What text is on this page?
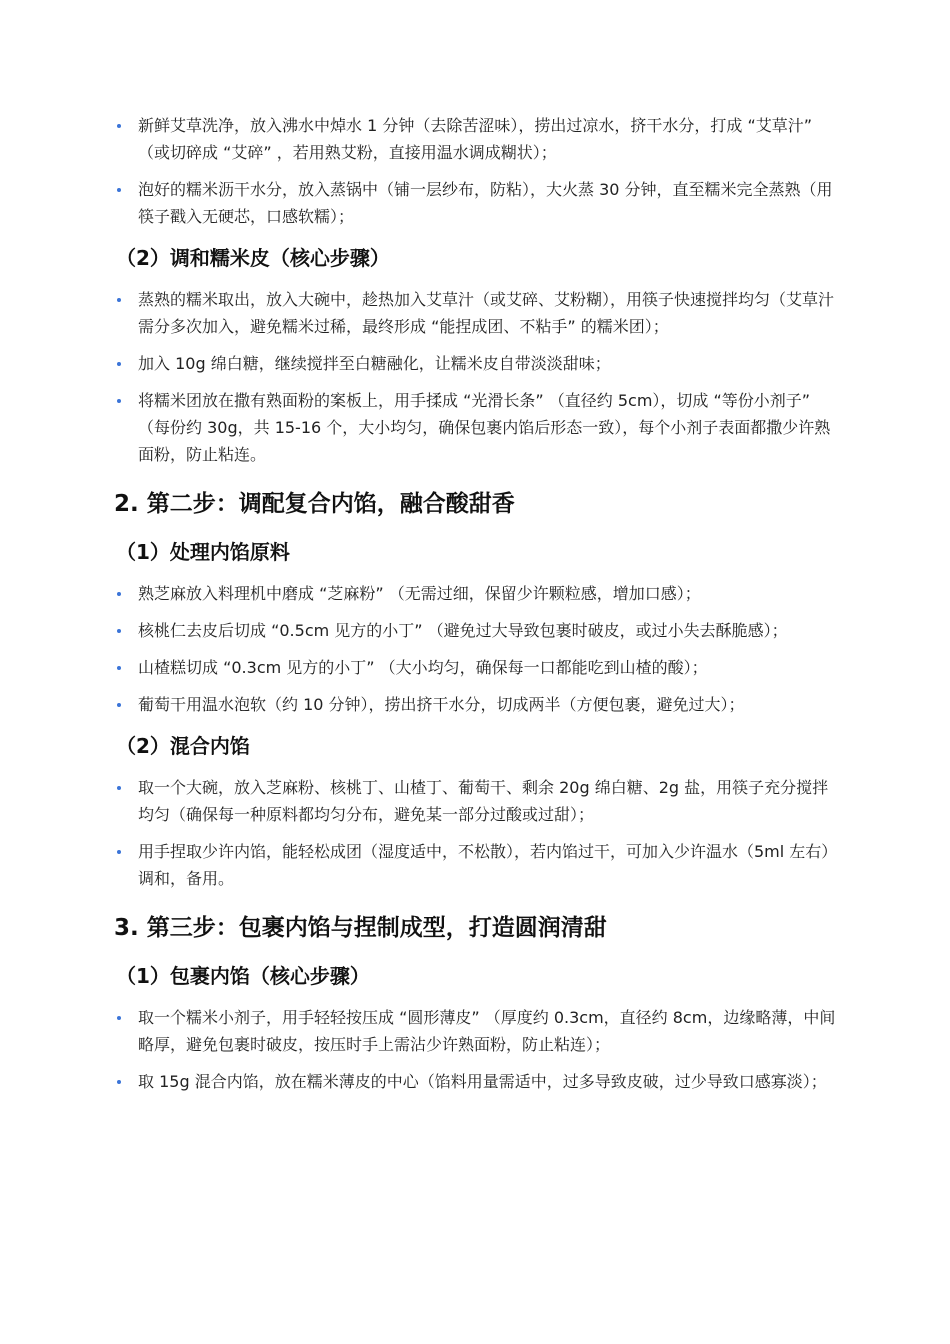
新鲜艾草洗净，放入沸水中焯水 1 分钟（去除苦涩味），捞出过凉水，挤干水分，打成 “艾草汁” （或切碎成 “艾碎” ，若用熟艾粉，直接用温水调成糊状）；
泡好的糯米沥干水分，放入蒸锅中（铺一层纱布，防粘），大火蒸 30 分钟，直至糯米完全蒸熟（用筷子戳入无硬芯，口感软糯）；
（2）调和糯米皮（核心步骤）
蒸熟的糯米取出，放入大碗中，趁热加入艾草汁（或艾碎、艾粉糊），用筷子快速搅拌均匀（艾草汁需分多次加入，避免糯米过稀，最终形成 “能捏成团、不粘手” 的糯米团）；
加入 10g 绵白糖，继续搅拌至白糖融化，让糯米皮自带淡淡甜味；
将糯米团放在撒有熟面粉的案板上，用手揉成 “光滑长条” （直径约 5cm），切成 “等份小剂子” （每份约 30g，共 15-16 个，大小均匀，确保包裹内馅后形态一致），每个小剂子表面都撒少许熟面粉，防止粘连。
2. 第二步：调配复合内馅，融合酸甜香
（1）处理内馅原料
熟芝麻放入料理机中磨成 “芝麻粉” （无需过细，保留少许颗粒感，增加口感）；
核桃仁去皮后切成 “0.5cm 见方的小丁” （避免过大导致包裹时破皮，或过小失去酥脆感）；
山楂糕切成 “0.3cm 见方的小丁” （大小均匀，确保每一口都能吃到山楂的酸）；
葡萄干用温水泡软（约 10 分钟），捞出挤干水分，切成两半（方便包裹，避免过大）；
（2）混合内馅
取一个大碗，放入芝麻粉、核桃丁、山楂丁、葡萄干、剩余 20g 绵白糖、2g 盐，用筷子充分搅拌均匀（确保每一种原料都均匀分布，避免某一部分过酸或过甜）；
用手捏取少许内馅，能轻松成团（湿度适中，不松散），若内馅过干，可加入少许温水（5ml 左右）调和，备用。
3. 第三步：包裹内馅与捏制成型，打造圆润清甜
（1）包裹内馅（核心步骤）
取一个糯米小剂子，用手轻轻按压成 “圆形薄皮” （厚度约 0.3cm，直径约 8cm，边缘略薄，中间略厚，避免包裹时破皮，按压时手上需沾少许熟面粉，防止粘连）；
取 15g 混合内馅，放在糯米薄皮的中心（馅料用量需适中，过多导致皮破，过少导致口感寡淡）；
